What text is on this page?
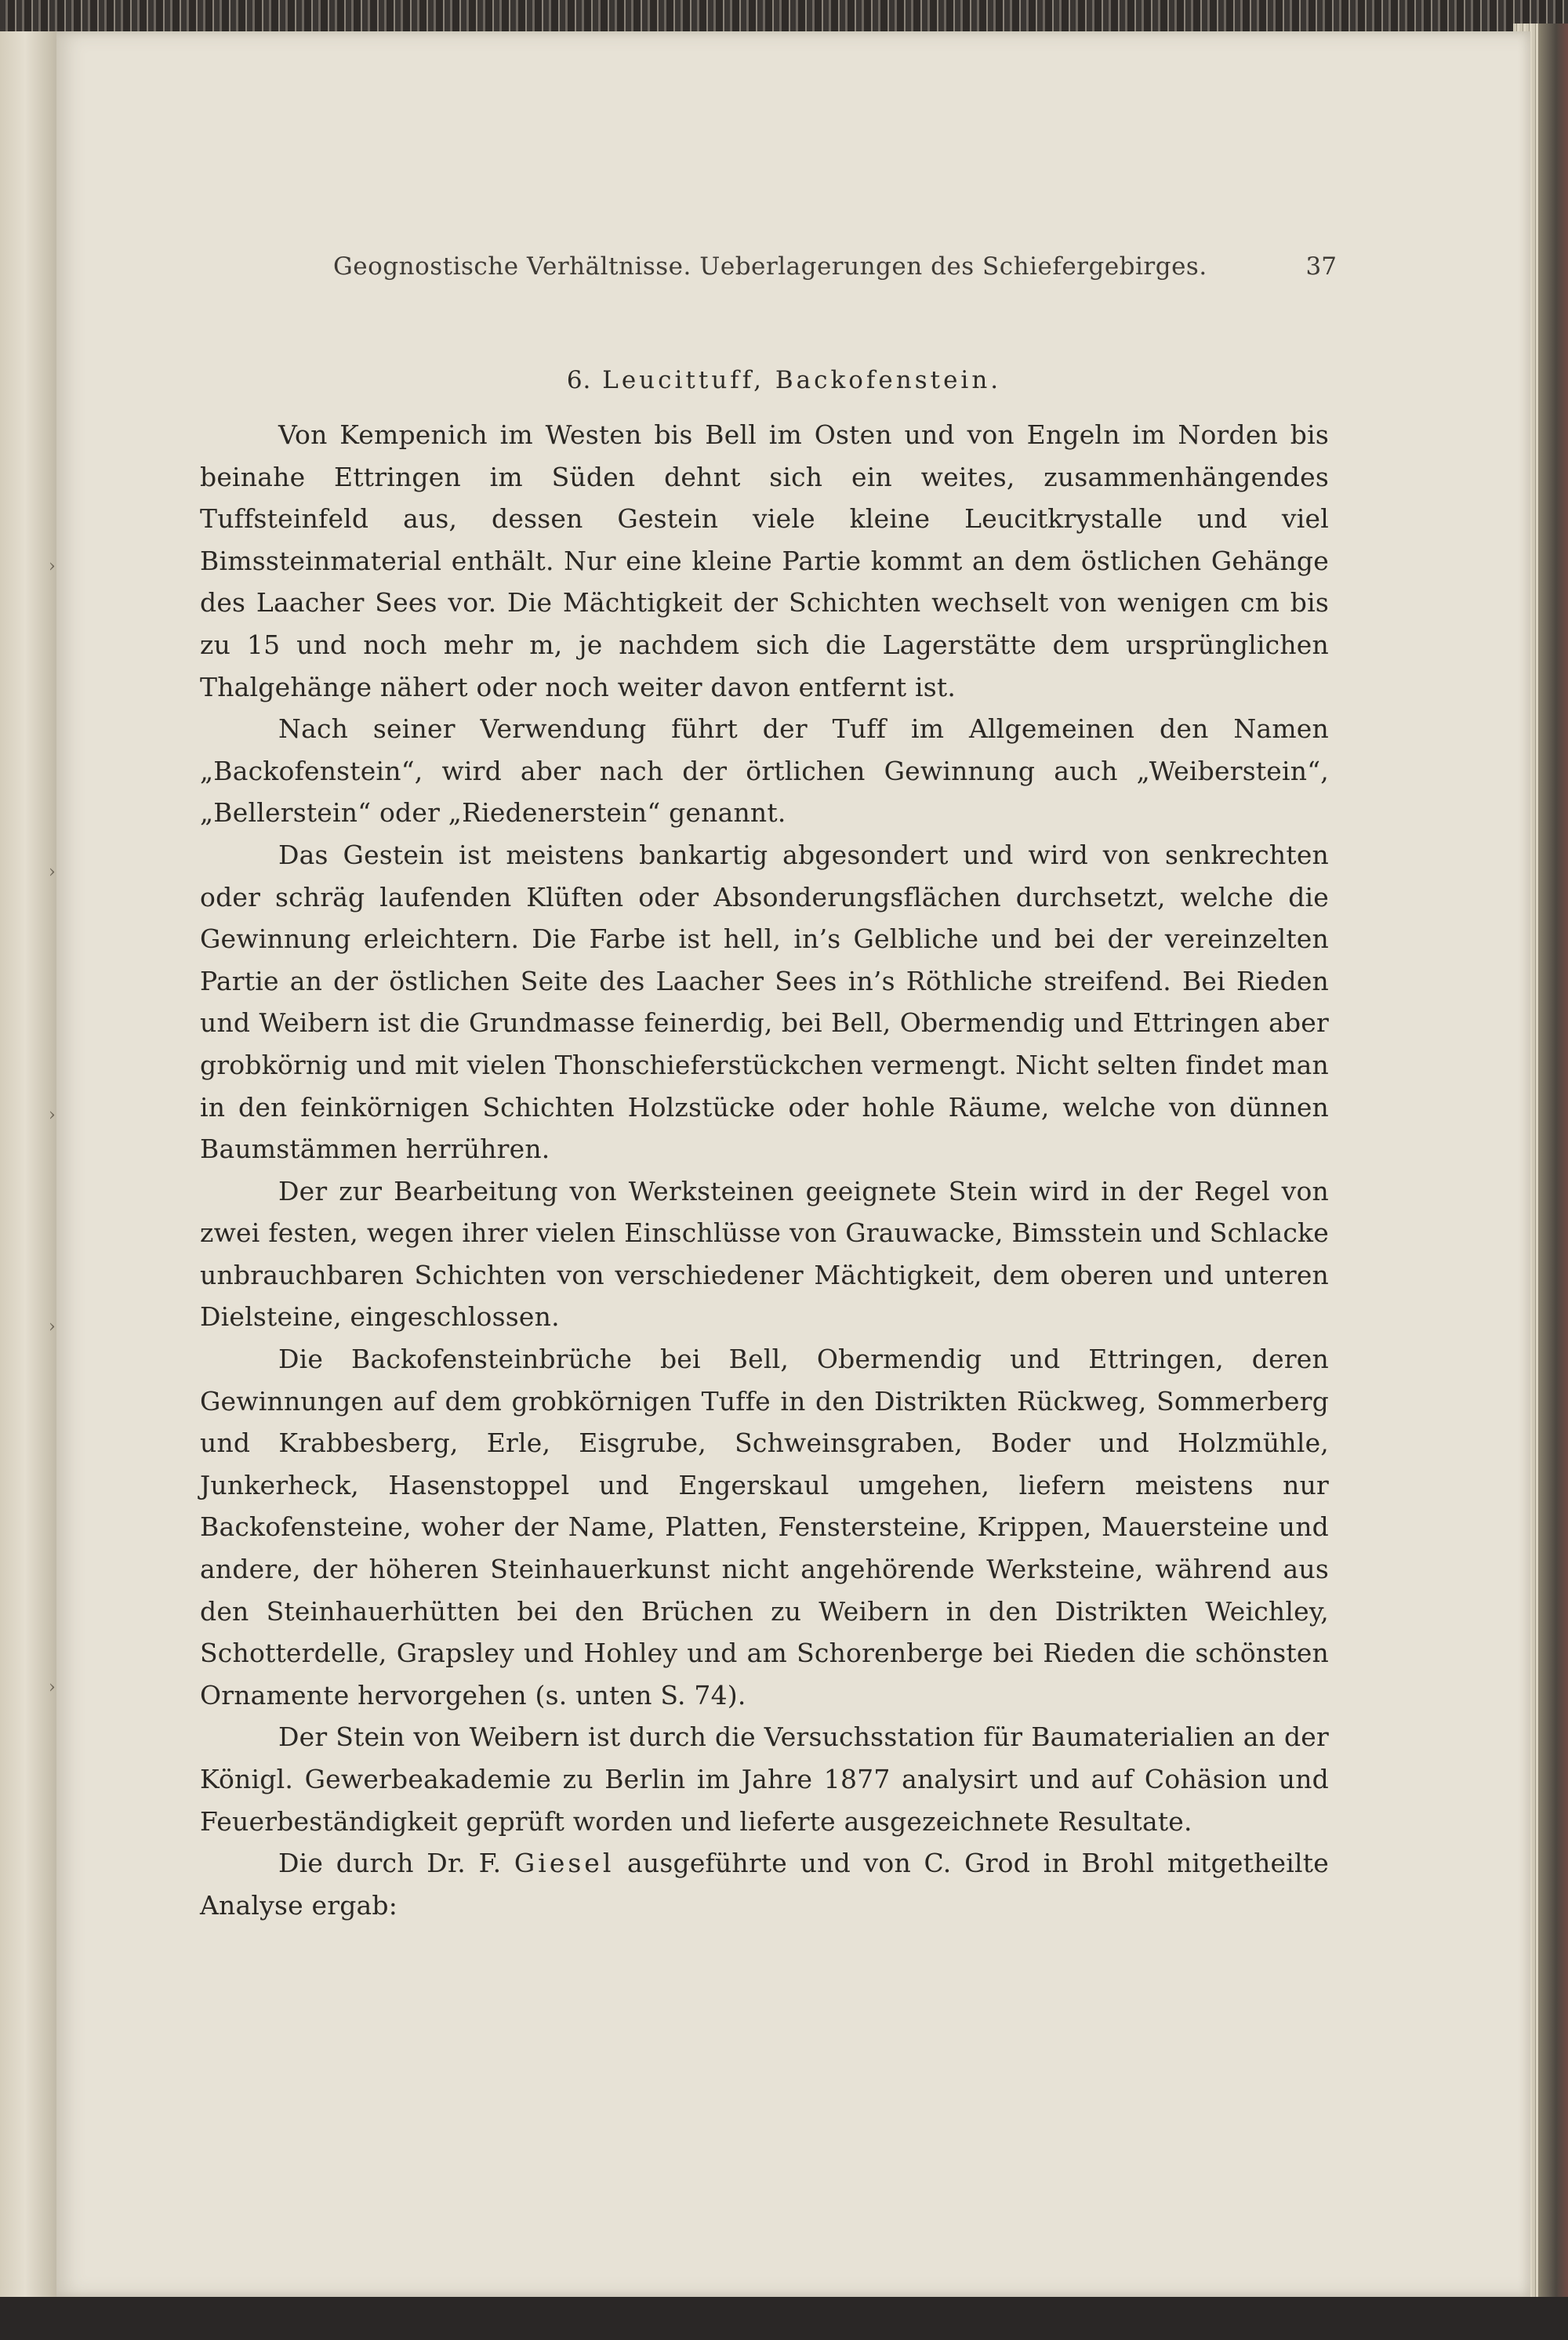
›
›
›
›
›
Geognostische Verhältnisse. Ueberlagerungen des Schiefergebirges.	37
6. Leucittuff, Backofenstein.

Von Kempenich im Westen bis Bell im Osten und von Engeln im Norden bis beinahe Ettringen im Süden dehnt sich ein weites, zusammenhängendes Tuffsteinfeld aus, dessen Gestein viele kleine Leucitkrystalle und viel Bimssteinmaterial enthält. Nur eine kleine Partie kommt an dem östlichen Gehänge des Laacher Sees vor. Die Mächtigkeit der Schichten wechselt von wenigen cm bis zu 15 und noch mehr m, je nachdem sich die Lagerstätte dem ursprünglichen Thalgehänge nähert oder noch weiter davon entfernt ist.

Nach seiner Verwendung führt der Tuff im Allgemeinen den Namen „Backofenstein“, wird aber nach der örtlichen Gewinnung auch „Weiberstein“, „Bellerstein“ oder „Riedenerstein“ genannt.

Das Gestein ist meistens bankartig abgesondert und wird von senkrechten oder schräg laufenden Klüften oder Absonderungsflächen durchsetzt, welche die Gewinnung erleichtern. Die Farbe ist hell, in’s Gelbliche und bei der vereinzelten Partie an der östlichen Seite des Laacher Sees in’s Röthliche streifend. Bei Rieden und Weibern ist die Grundmasse feinerdig, bei Bell, Obermendig und Ettringen aber grobkörnig und mit vielen Thonschieferstückchen vermengt. Nicht selten findet man in den feinkörnigen Schichten Holzstücke oder hohle Räume, welche von dünnen Baumstämmen herrühren.

Der zur Bearbeitung von Werksteinen geeignete Stein wird in der Regel von zwei festen, wegen ihrer vielen Einschlüsse von Grauwacke, Bimsstein und Schlacke unbrauchbaren Schichten von verschiedener Mächtigkeit, dem oberen und unteren Dielsteine, eingeschlossen.

Die Backofensteinbrüche bei Bell, Obermendig und Ettringen, deren Gewinnungen auf dem grobkörnigen Tuffe in den Distrikten Rückweg, Sommerberg und Krabbesberg, Erle, Eisgrube, Schweinsgraben, Boder und Holzmühle, Junkerheck, Hasenstoppel und Engerskaul umgehen, liefern meistens nur Backofensteine, woher der Name, Platten, Fenstersteine, Krippen, Mauersteine und andere, der höheren Steinhauerkunst nicht angehörende Werksteine, während aus den Steinhauerhütten bei den Brüchen zu Weibern in den Distrikten Weichley, Schotterdelle, Grapsley und Hohley und am Schorenberge bei Rieden die schönsten Ornamente hervorgehen (s. unten S. 74).

Der Stein von Weibern ist durch die Versuchsstation für Baumaterialien an der Königl. Gewerbeakademie zu Berlin im Jahre 1877 analysirt und auf Cohäsion und Feuerbeständigkeit geprüft worden und lieferte ausgezeichnete Resultate.

Die durch Dr. F. Giesel ausgeführte und von C. Grod in Brohl mitgetheilte Analyse ergab:
